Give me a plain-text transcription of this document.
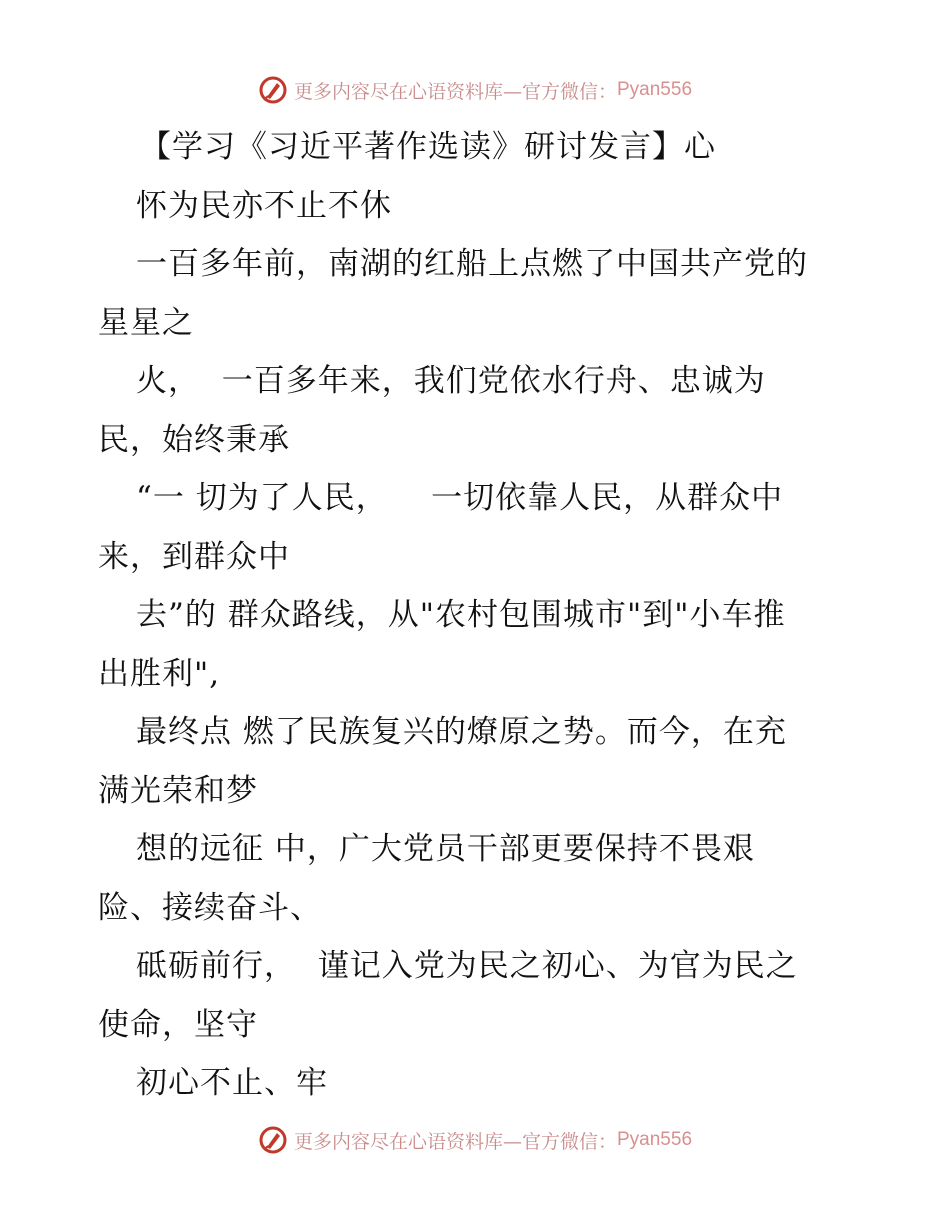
更多内容尽在心语资料库—官方微信： Pyan556
【学习《习近平著作选读》研讨发言】心
怀为民亦不止不休
一百多年前，南湖的红船上点燃了中国共产党的
星星之
火，  一百多年来，我们党依水行舟、忠诚为
民，始终秉承
“一 切为了人民，    一切依靠人民，从群众中
来，到群众中
去”的 群众路线，从"农村包围城市"到"小车推
出胜利",
最终点 燃了民族复兴的燎原之势。而今，在充
满光荣和梦
想的远征 中，广大党员干部更要保持不畏艰
险、接续奋斗、
砥砺前行，  谨记入党为民之初心、为官为民之
使命，坚守
初心不止、牢
更多内容尽在心语资料库—官方微信： Pyan556
